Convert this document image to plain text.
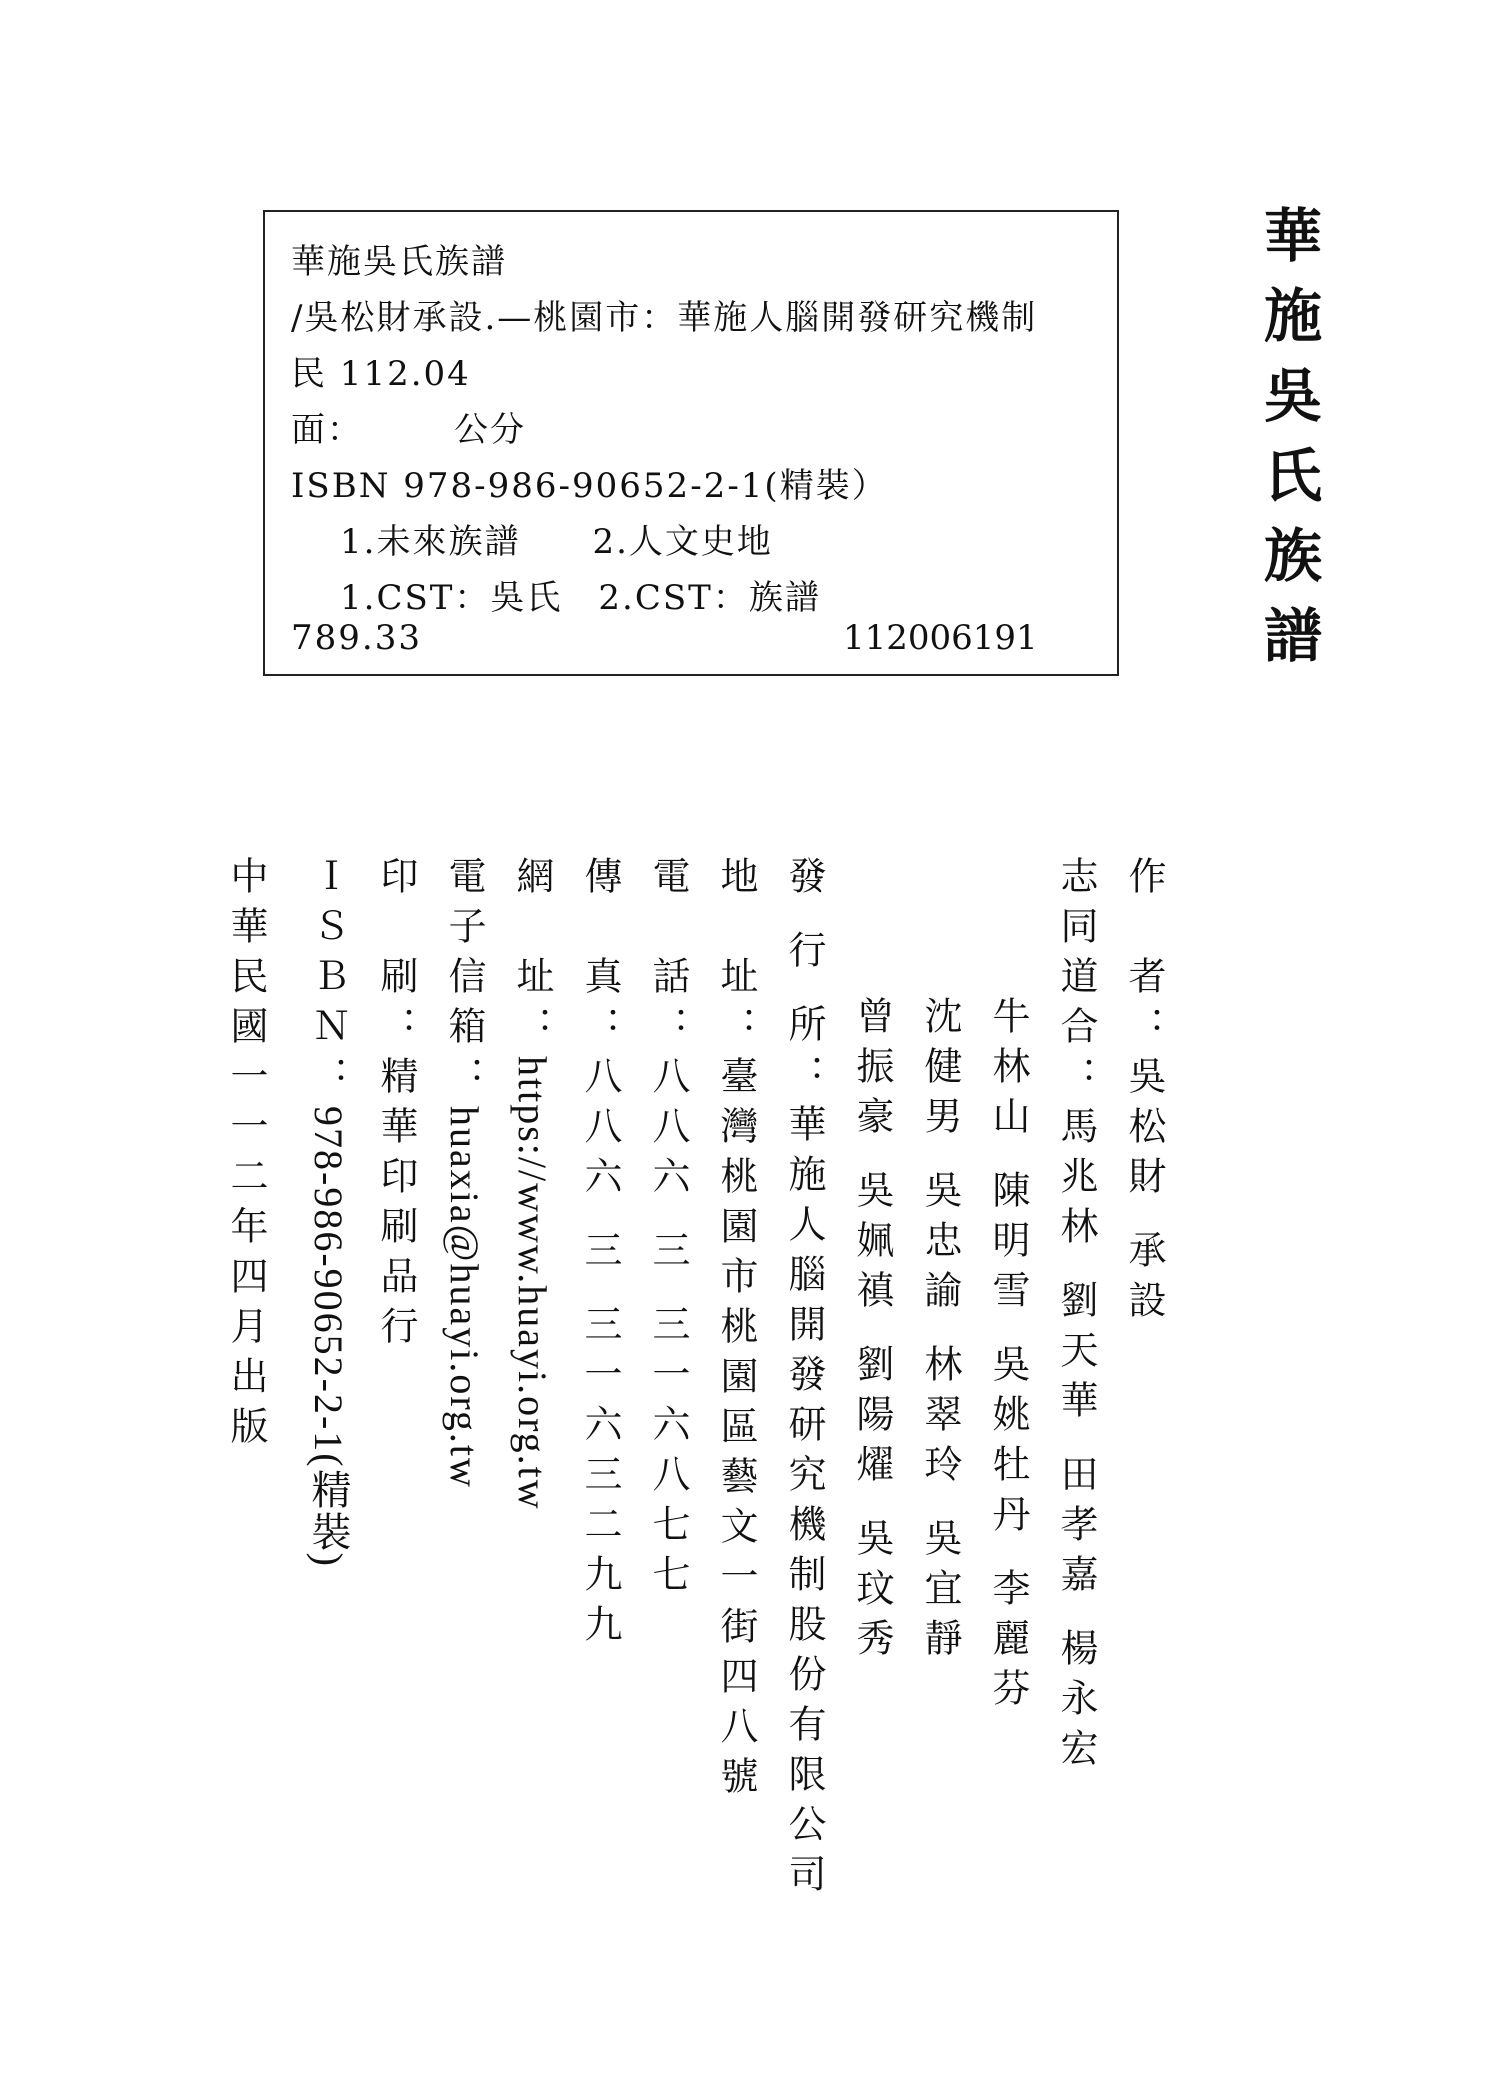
華施吳氏族譜
/吳松財承設.—桃園市：華施人腦開發研究機制
民 112.04
面：　　　公分
ISBN 978-986-90652-2-1(精裝）
1.未來族譜　　2.人文史地
1.CST：吳氏　2.CST：族譜
789.33	112006191	華施吳氏族譜
作　者：吳松財 承設
志同道合：馬兆林 劉天華 田孝嘉 楊永宏
牛林山 陳明雪 吳姚牡丹 李麗芬
沈健男 吳忠諭 林翠玲 吳宜靜
曾振豪 吳姵禛 劉陽燿 吳玟秀
發 行 所：華施人腦開發研究機制股份有限公司
地　址：臺灣桃園市桃園區藝文一街四八號
電　話：八八六 三 三一六八七七
傳　真：八八六 三 三一六三二九九
網　址：https://www.huayi.org.tw
電子信箱：huaxia@huayi.org.tw
印　刷：精華印刷品行
ＩＳＢＮ：978-986-90652-2-1(精裝)
中華民國一一二年四月出版
